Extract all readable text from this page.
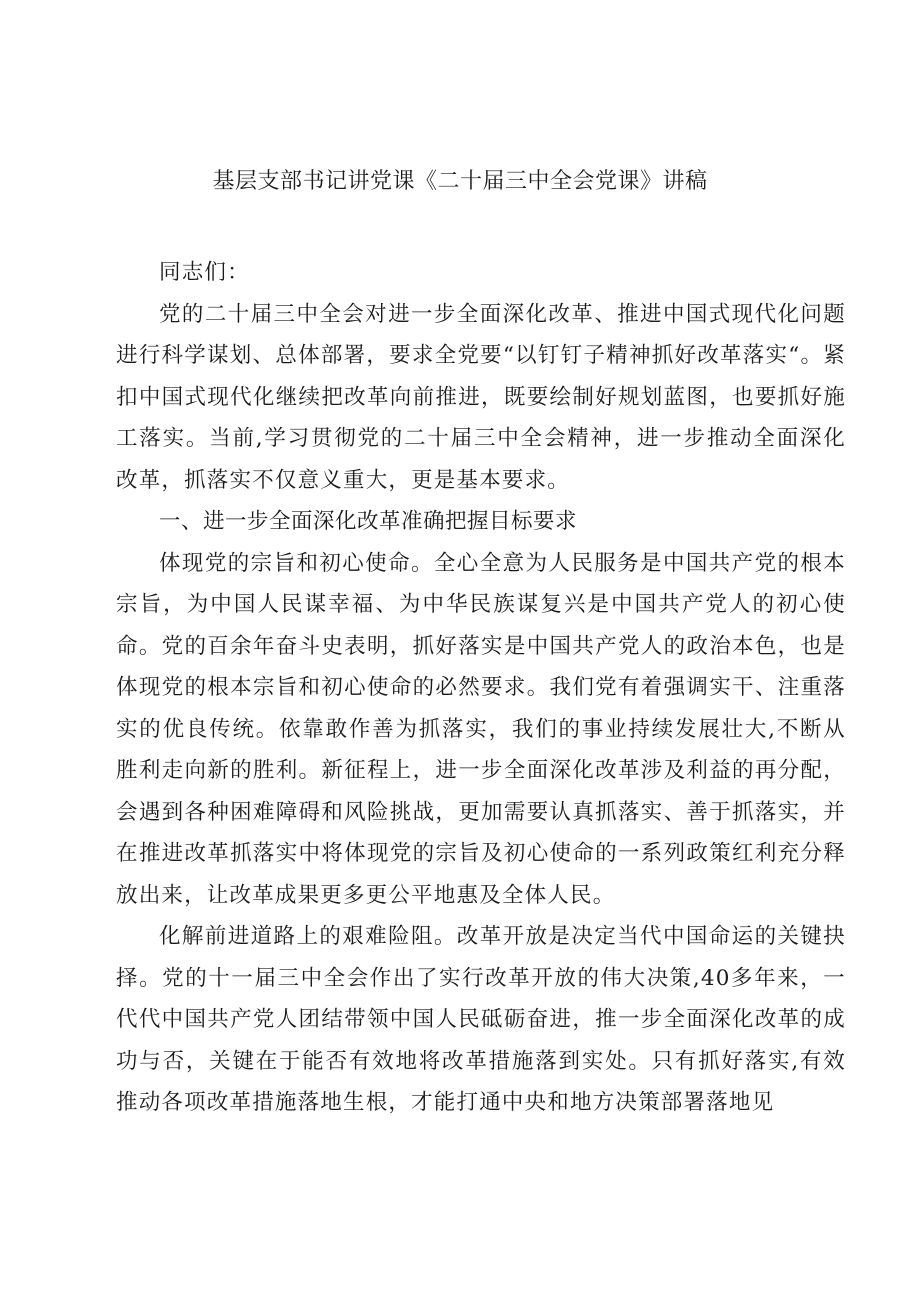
基层支部书记讲党课《二十届三中全会党课》讲稿

同志们：

党的二十届三中全会对进一步全面深化改革、推进中国式现代化问题进行科学谋划、总体部署，要求全党要“以钉钉子精神抓好改革落实“。紧扣中国式现代化继续把改革向前推进，既要绘制好规划蓝图，也要抓好施工落实。当前,学习贯彻党的二十届三中全会精神，进一步推动全面深化改革，抓落实不仅意义重大，更是基本要求。

一、进一步全面深化改革准确把握目标要求

体现党的宗旨和初心使命。全心全意为人民服务是中国共产党的根本宗旨，为中国人民谋幸福、为中华民族谋复兴是中国共产党人的初心使命。党的百余年奋斗史表明，抓好落实是中国共产党人的政治本色，也是体现党的根本宗旨和初心使命的必然要求。我们党有着强调实干、注重落实的优良传统。依靠敢作善为抓落实，我们的事业持续发展壮大,不断从胜利走向新的胜利。新征程上，进一步全面深化改革涉及利益的再分配，会遇到各种困难障碍和风险挑战，更加需要认真抓落实、善于抓落实，并在推进改革抓落实中将体现党的宗旨及初心使命的一系列政策红利充分释放出来，让改革成果更多更公平地惠及全体人民。

化解前进道路上的艰难险阻。改革开放是决定当代中国命运的关键抉择。党的十一届三中全会作出了实行改革开放的伟大决策,40多年来，一代代中国共产党人团结带领中国人民砥砺奋进，推一步全面深化改革的成功与否，关键在于能否有效地将改革措施落到实处。只有抓好落实,有效推动各项改革措施落地生根，才能打通中央和地方决策部署落地见
